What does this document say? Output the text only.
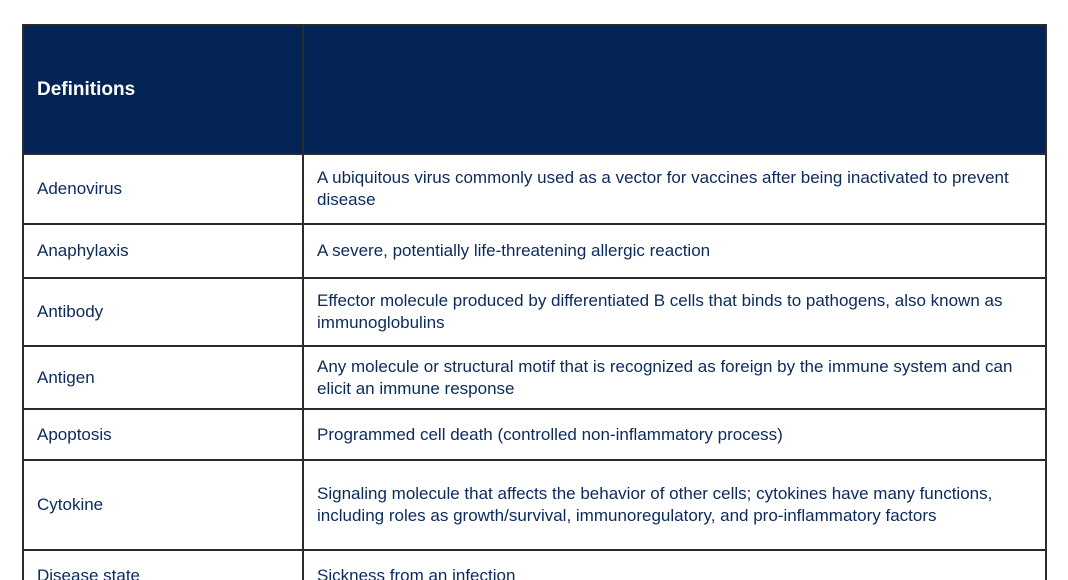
Definitions	
Adenovirus	A ubiquitous virus commonly used as a vector for vaccines after being inactivated to prevent disease
Anaphylaxis	A severe, potentially life-threatening allergic reaction
Antibody	Effector molecule produced by differentiated B cells that binds to pathogens, also known as immunoglobulins
Antigen	Any molecule or structural motif that is recognized as foreign by the immune system and can elicit an immune response
Apoptosis	Programmed cell death (controlled non-inflammatory process)
Cytokine	Signaling molecule that affects the behavior of other cells; cytokines have many functions, including roles as growth/survival, immunoregulatory, and pro-inflammatory factors
Disease state	Sickness from an infection
